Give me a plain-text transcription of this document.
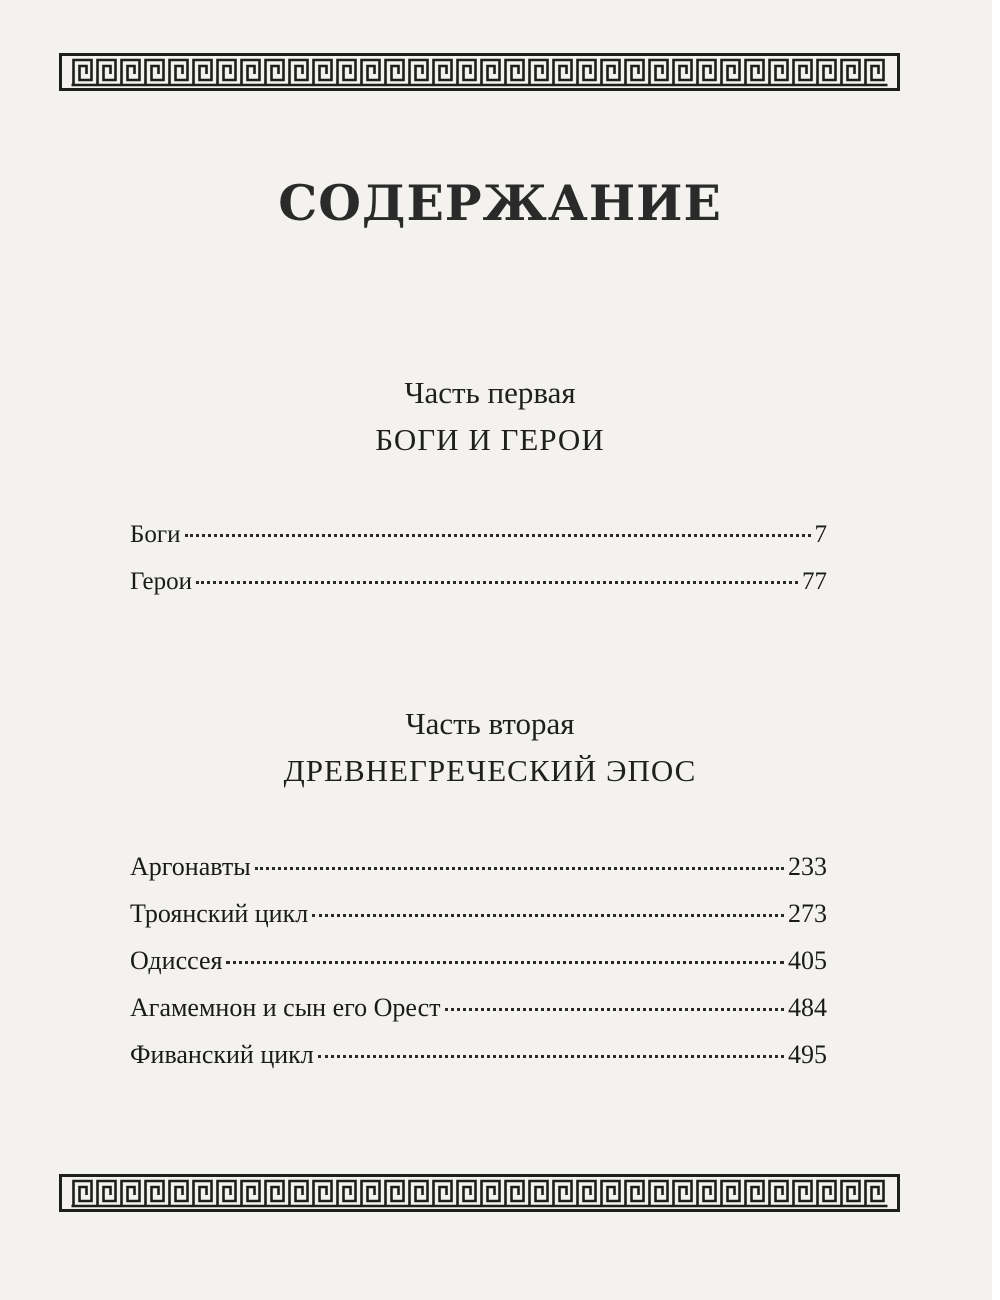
СОДЕРЖАНИЕ
Часть первая
БОГИ И ГЕРОИ
Боги	7
Герои	77
Часть вторая
ДРЕВНЕГРЕЧЕСКИЙ ЭПОС
Аргонавты	233
Троянский цикл	273
Одиссея	405
Агамемнон и сын его Орест	484
Фиванский цикл	495
